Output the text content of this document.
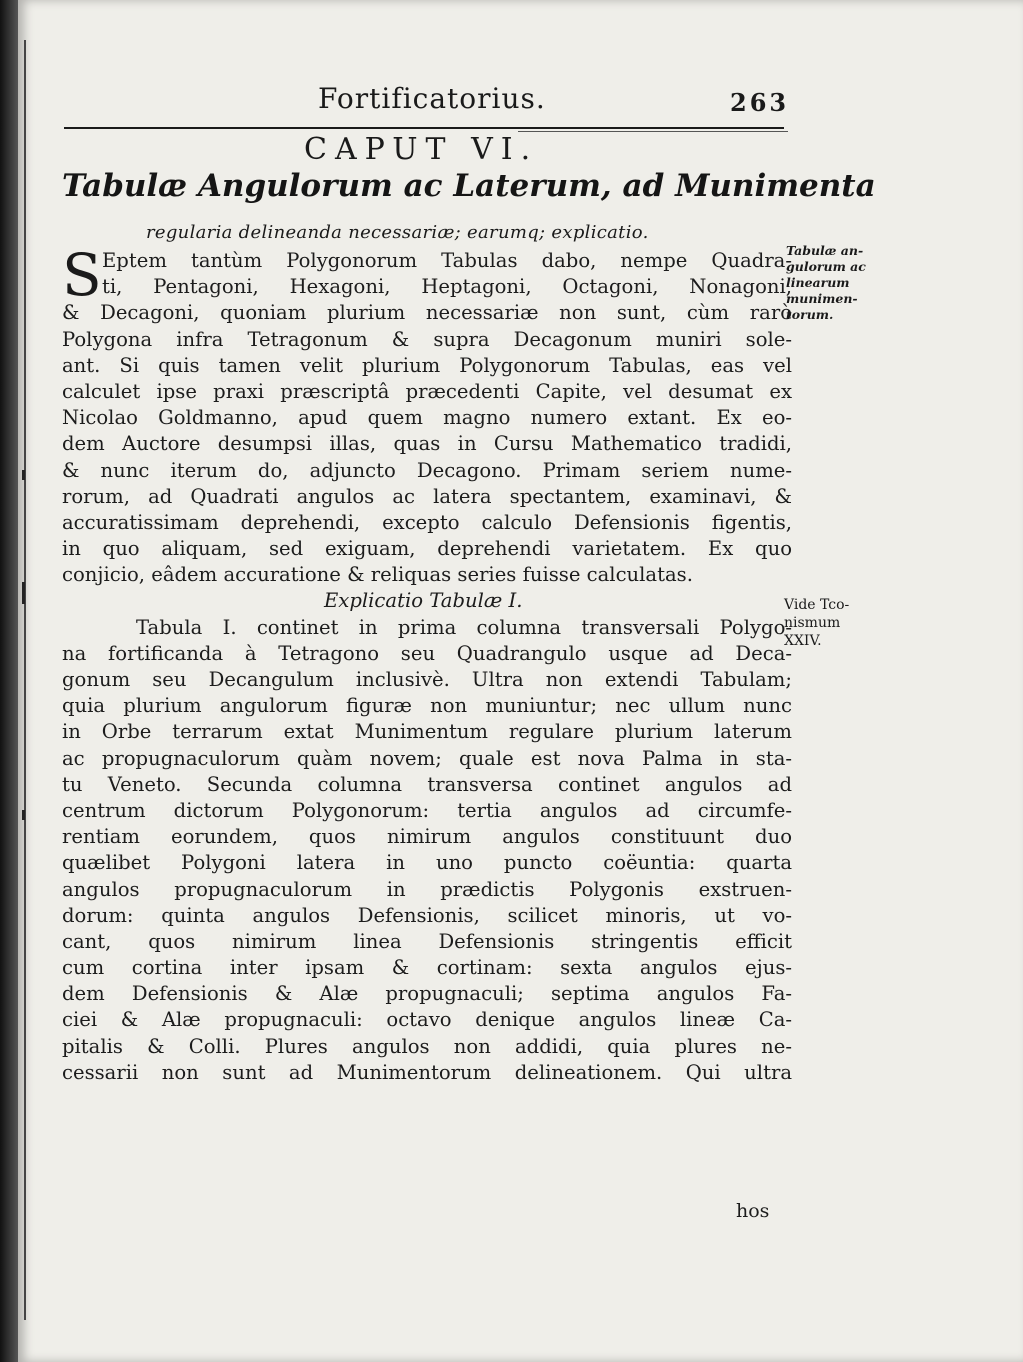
Fortificatorius.	263
CAPUT VI.
Tabulæ Angulorum ac Laterum, ad Munimenta
regularia delineanda necessariæ; earumq; explicatio.
S Eptem tantùm Polygonorum Tabulas dabo, nempe Quadra-
ti, Pentagoni, Hexagoni, Heptagoni, Octagoni, Nonagoni,
& Decagoni, quoniam plurium necessariæ non sunt, cùm rarò
Polygona infra Tetragonum & supra Decagonum muniri sole-
ant. Si quis tamen velit plurium Polygonorum Tabulas, eas vel
calculet ipse praxi præscriptâ præcedenti Capite, vel desumat ex
Nicolao Goldmanno, apud quem magno numero extant. Ex eo-
dem Auctore desumpsi illas, quas in Cursu Mathematico tradidi,
& nunc iterum do, adjuncto Decagono. Primam seriem nume-
rorum, ad Quadrati angulos ac latera spectantem, examinavi, &
accuratissimam deprehendi, excepto calculo Defensionis figentis,
in quo aliquam, sed exiguam, deprehendi varietatem. Ex quo
conjicio, eâdem accuratione & reliquas series fuisse calculatas.
Explicatio Tabulæ I.
Tabula I. continet in prima columna transversali Polygo-
na fortificanda à Tetragono seu Quadrangulo usque ad Deca-
gonum seu Decangulum inclusivè. Ultra non extendi Tabulam;
quia plurium angulorum figuræ non muniuntur; nec ullum nunc
in Orbe terrarum extat Munimentum regulare plurium laterum
ac propugnaculorum quàm novem; quale est nova Palma in sta-
tu Veneto. Secunda columna transversa continet angulos ad
centrum dictorum Polygonorum: tertia angulos ad circumfe-
rentiam eorundem, quos nimirum angulos constituunt duo
quælibet Polygoni latera in uno puncto coëuntia: quarta
angulos propugnaculorum in prædictis Polygonis exstruen-
dorum: quinta angulos Defensionis, scilicet minoris, ut vo-
cant, quos nimirum linea Defensionis stringentis efficit
cum cortina inter ipsam & cortinam: sexta angulos ejus-
dem Defensionis & Alæ propugnaculi; septima angulos Fa-
ciei & Alæ propugnaculi: octavo denique angulos lineæ Ca-
pitalis & Colli. Plures angulos non addidi, quia plures ne-
cessarii non sunt ad Munimentorum delineationem. Qui ultra
hos
Tabulæ an-
gulorum ac
linearum
munimen-
torum.
Vide Tco-
nismum
XXIV.
